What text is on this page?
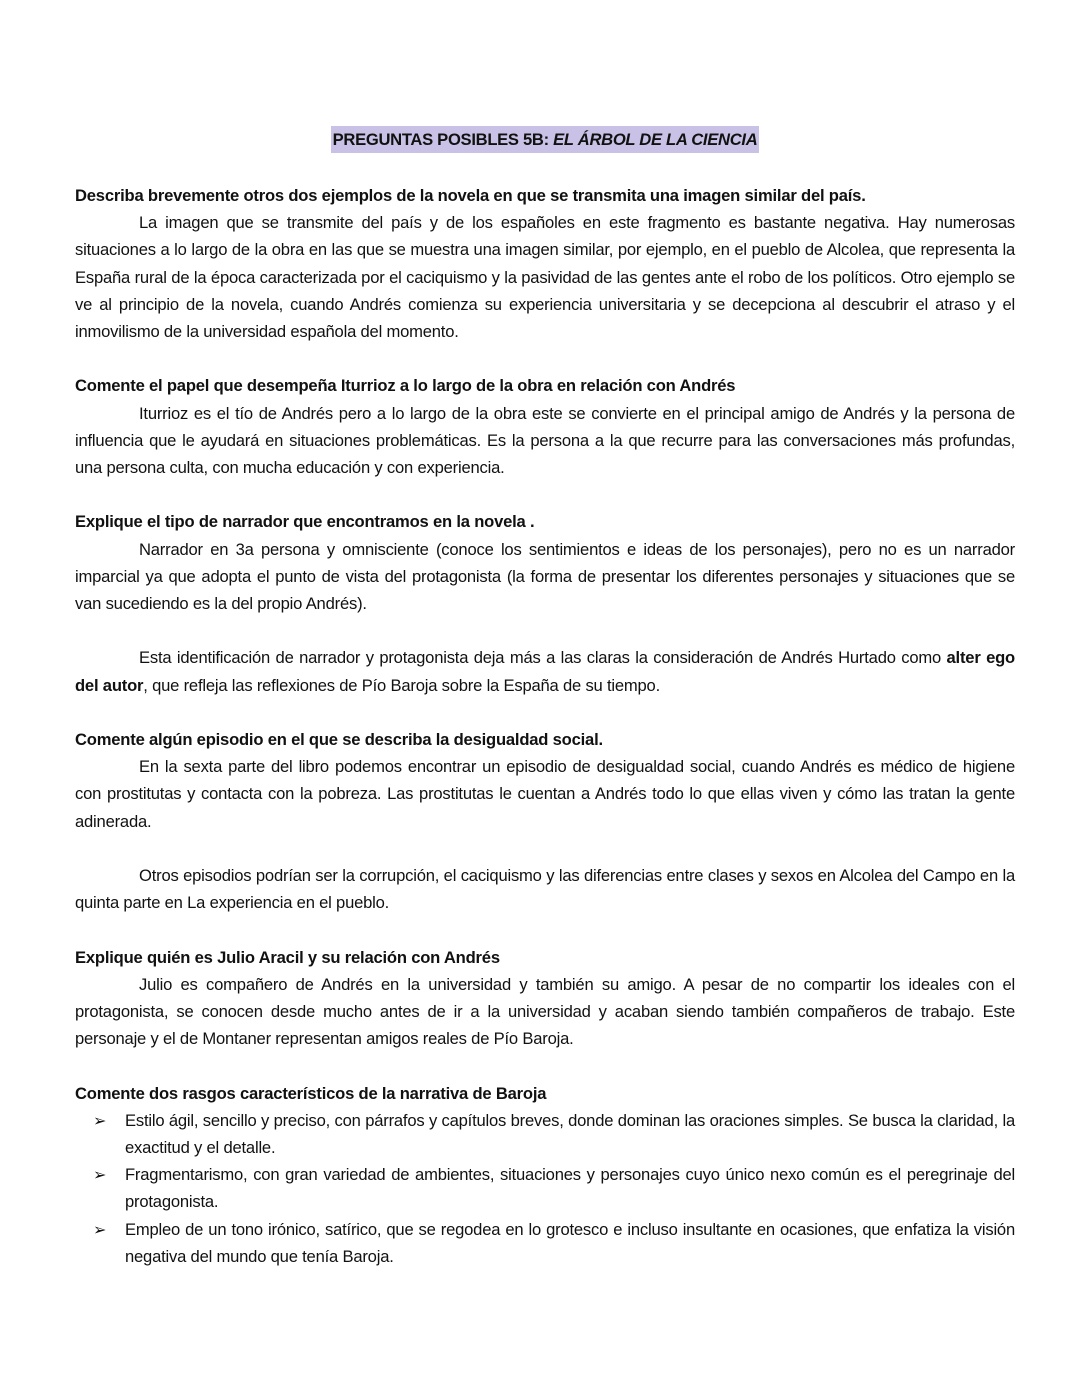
PREGUNTAS POSIBLES 5B: EL ÁRBOL DE LA CIENCIA

Describa brevemente otros dos ejemplos de la novela en que se transmita una imagen similar del país.

La imagen que se transmite del país y de los españoles en este fragmento es bastante negativa. Hay numerosas situaciones a lo largo de la obra en las que se muestra una imagen similar, por ejemplo, en el pueblo de Alcolea, que representa la España rural de la época caracterizada por el caciquismo y la pasividad de las gentes ante el robo de los políticos. Otro ejemplo se ve al principio de la novela, cuando Andrés comienza su experiencia universitaria y se decepciona al descubrir el atraso y el inmovilismo de la universidad española del momento.

Comente el papel que desempeña Iturrioz a lo largo de la obra en relación con Andrés

Iturrioz es el tío de Andrés pero a lo largo de la obra este se convierte en el principal amigo de Andrés y la persona de influencia que le ayudará en situaciones problemáticas. Es la persona a la que recurre para las conversaciones más profundas, una persona culta, con mucha educación y con experiencia.

Explique el tipo de narrador que encontramos en la novela .

Narrador en 3a persona y omnisciente (conoce los sentimientos e ideas de los personajes), pero no es un narrador imparcial ya que adopta el punto de vista del protagonista (la forma de presentar los diferentes personajes y situaciones que se van sucediendo es la del propio Andrés).

Esta identificación de narrador y protagonista deja más a las claras la consideración de Andrés Hurtado como alter ego del autor, que refleja las reflexiones de Pío Baroja sobre la España de su tiempo.

Comente algún episodio en el que se describa la desigualdad social.

En la sexta parte del libro podemos encontrar un episodio de desigualdad social, cuando Andrés es médico de higiene con prostitutas y contacta con la pobreza. Las prostitutas le cuentan a Andrés todo lo que ellas viven y cómo las tratan la gente adinerada.

Otros episodios podrían ser la corrupción, el caciquismo y las diferencias entre clases y sexos en Alcolea del Campo en la quinta parte en La experiencia en el pueblo.

Explique quién es Julio Aracil y su relación con Andrés

Julio es compañero de Andrés en la universidad y también su amigo. A pesar de no compartir los ideales con el protagonista, se conocen desde mucho antes de ir a la universidad y acaban siendo también compañeros de trabajo. Este personaje y el de Montaner representan amigos reales de Pío Baroja.

Comente dos rasgos característicos de la narrativa de Baroja

➢ Estilo ágil, sencillo y preciso, con párrafos y capítulos breves, donde dominan las oraciones simples. Se busca la claridad, la exactitud y el detalle.
➢ Fragmentarismo, con gran variedad de ambientes, situaciones y personajes cuyo único nexo común es el peregrinaje del protagonista.
➢ Empleo de un tono irónico, satírico, que se regodea en lo grotesco e incluso insultante en ocasiones, que enfatiza la visión negativa del mundo que tenía Baroja.
